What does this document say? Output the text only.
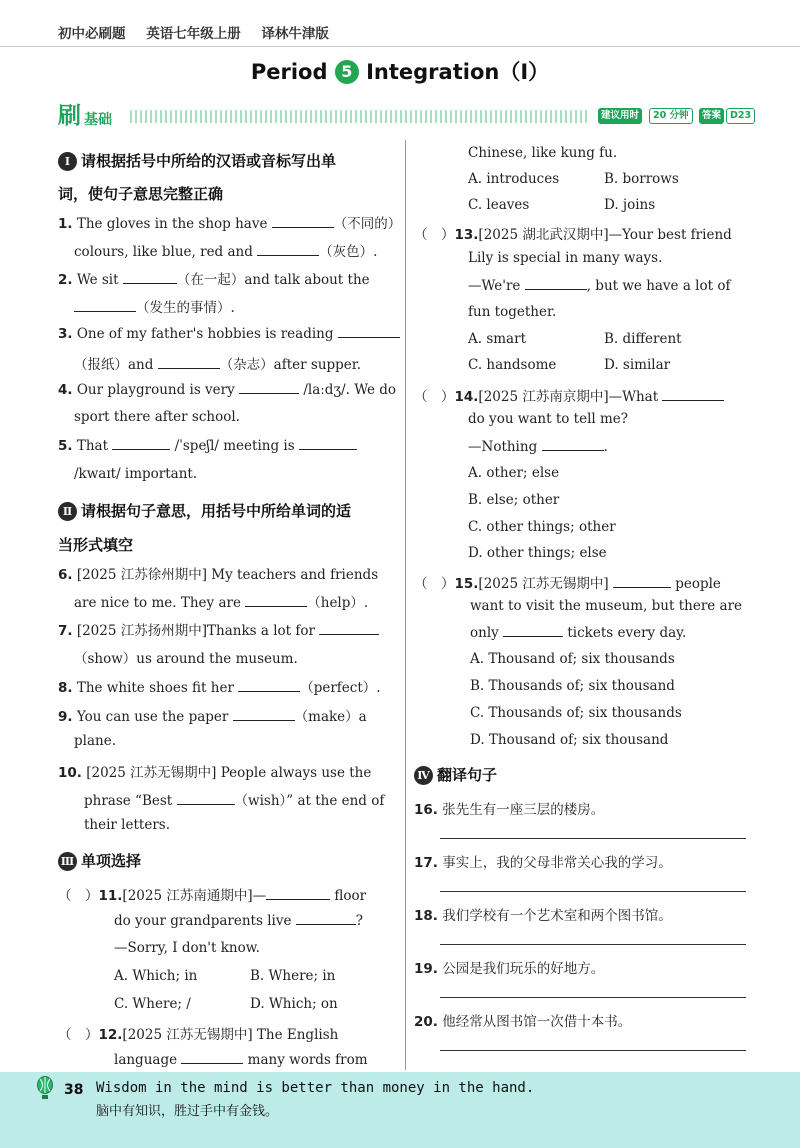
初中必刷题 英语七年级上册 译林牛津版
Period 5 Integration（Ⅰ）
刷 基础	建议用时	20 分钟	答案 D23
Ⅰ 请根据括号中所给的汉语或音标写出单
词，使句子意思完整正确
1. The gloves in the shop have	（不同的）
colours, like blue, red and	（灰色）.
2. We sit	（在一起）and talk about the
（发生的事情）.
3. One of my father's hobbies is reading
（报纸）and	（杂志）after supper.
4. Our playground is very	/laːdʒ/. We do
sport there after school.
5. That	/ˈspeʃl/ meeting is
/kwaɪt/ important.
Ⅱ 请根据句子意思，用括号中所给单词的适
当形式填空
6. [2025 江苏徐州期中] My teachers and friends
are nice to me. They are	（help）.
7. [2025 江苏扬州期中]Thanks a lot for
（show）us around the museum.
8. The white shoes fit her	（perfect）.
9. You can use the paper	（make）a
plane.
10. [2025 江苏无锡期中] People always use the
phrase “Best	（wish）” at the end of
their letters.
Ⅲ 单项选择
（　）11.[2025 江苏南通期中]—	floor
do your grandparents live	?
—Sorry, I don't know.
A. Which; in	B. Where; in
C. Where; /	D. Which; on
（　）12.[2025 江苏无锡期中] The English
language	many words from
Chinese, like kung fu.
A. introduces	B. borrows
C. leaves	D. joins
（　）13.[2025 湖北武汉期中]—Your best friend
Lily is special in many ways.
—We're	, but we have a lot of
fun together.
A. smart	B. different
C. handsome	D. similar
（　）14.[2025 江苏南京期中]—What
do you want to tell me?
—Nothing	.
A. other; else
B. else; other
C. other things; other
D. other things; else
（　）15.[2025 江苏无锡期中]	people
want to visit the museum, but there are
only	tickets every day.
A. Thousand of; six thousands
B. Thousands of; six thousand
C. Thousands of; six thousands
D. Thousand of; six thousand
Ⅳ 翻译句子
16. 张先生有一座三层的楼房。
17. 事实上，我的父母非常关心我的学习。
18. 我们学校有一个艺术室和两个图书馆。
19. 公园是我们玩乐的好地方。
20. 他经常从图书馆一次借十本书。
38 Wisdom in the mind is better than money in the hand.
脑中有知识，胜过手中有金钱。
